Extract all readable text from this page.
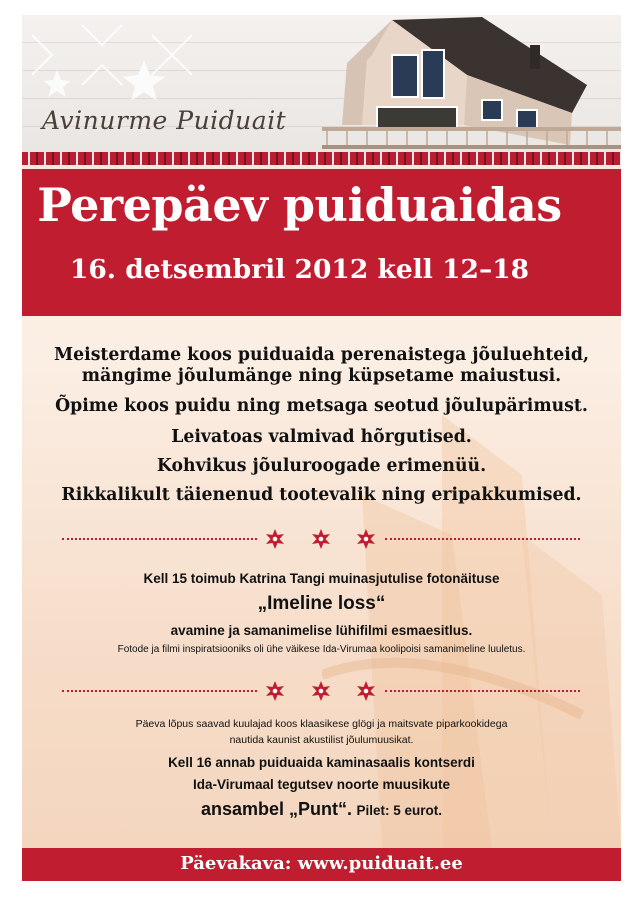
Avinurme Puiduait
Perepäev puiduaidas
16. detsembril 2012 kell 12–18
Meisterdame koos puiduaida perenaistega jõuluehteid,
mängime jõulumänge ning küpsetame maiustusi.
Õpime koos puidu ning metsaga seotud jõulupärimust.
Leivatoas valmivad hõrgutised.
Kohvikus jõuluroogade erimenüü.
Rikkalikult täienenud tootevalik ning eripakkumised.
Kell 15 toimub Katrina Tangi muinasjutulise fotonäituse
„Imeline loss“
avamine ja samanimelise lühifilmi esmaesitlus.
Fotode ja filmi inspiratsiooniks oli ühe väikese Ida-Virumaa koolipoisi samanimeline luuletus.
Päeva lõpus saavad kuulajad koos klaasikese glögi ja maitsvate piparkookidega
nautida kaunist akustilist jõulumuusikat.
Kell 16 annab puiduaida kaminasaalis kontserdi
Ida-Virumaal tegutsev noorte muusikute
ansambel „Punt“. Pilet: 5 eurot.
Päevakava: www.puiduait.ee
